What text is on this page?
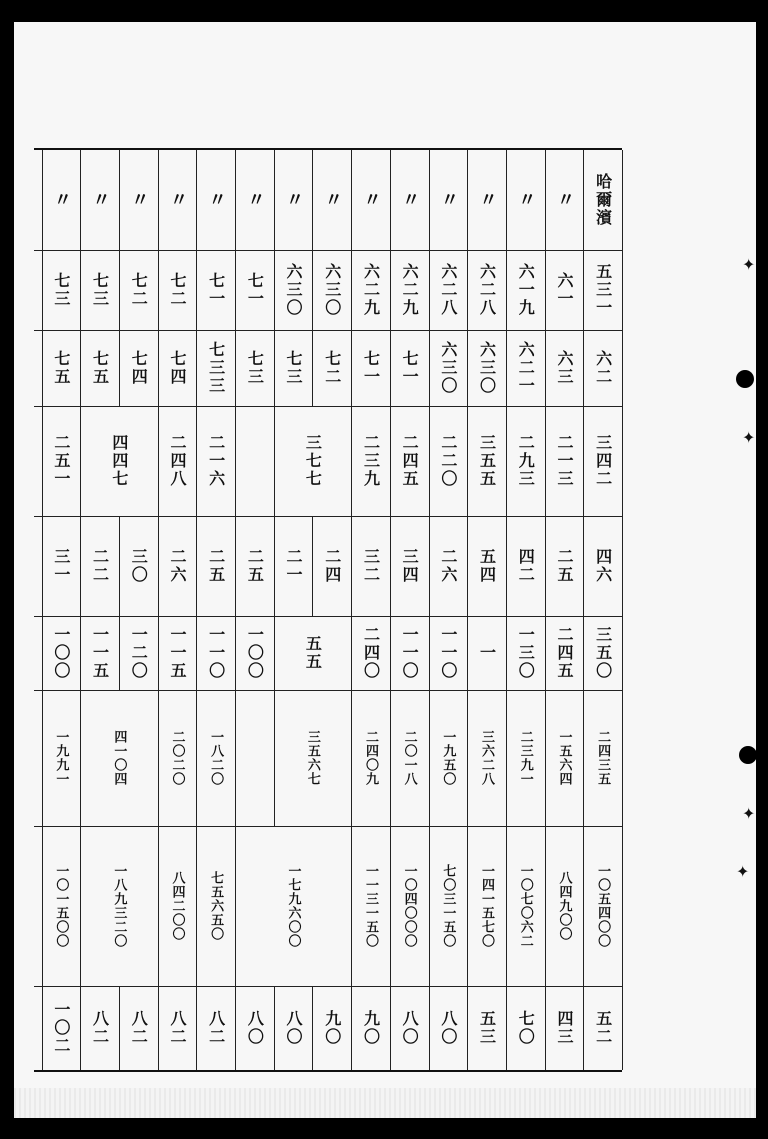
✦
✦
✦
✦
哈爾濱
五三一
六二
三四二
四六
三五〇
二四三五
一〇五四〇〇
五二
〃
六一
六三
二一三
二五
二四五
一五六四
八四九〇〇
四三
〃
六一九
六二一
二九三
四二
一三〇
二三九一
一〇七〇六二
七〇
〃
六二八
六三〇
三五五
五四
一
三六二八
一四一五七〇
五三
〃
六二八
六三〇
二二〇
二六
一一〇
一九五〇
七〇三一五〇
八〇
〃
六二九
七一
二四五
三四
一一〇
二〇一八
一〇四〇〇〇
八〇
〃
六二九
七一
二三九
三二
二四〇
二四〇九
一一三一五〇
九〇
〃
六三〇
七二
二四
九〇
〃
六三〇
七三
二一
八〇
〃
七一
七三
二五
一〇〇
八〇
〃
七一
七三三
二一六
二五
一一〇
一八二〇
七五六五〇
八二
〃
七二
七四
二四八
二六
一一五
二〇二〇
八四二〇〇
八二
〃
七二
七四
三〇
一二〇
八二
〃
七三
七五
二二
一一五
八二
〃
七三
七五
二五一
三一
一〇〇
一九九一
一〇一五〇〇
一〇二
三七七
五五
三五六七
一七九六〇〇
四四七
四一〇四
一八九三二〇
